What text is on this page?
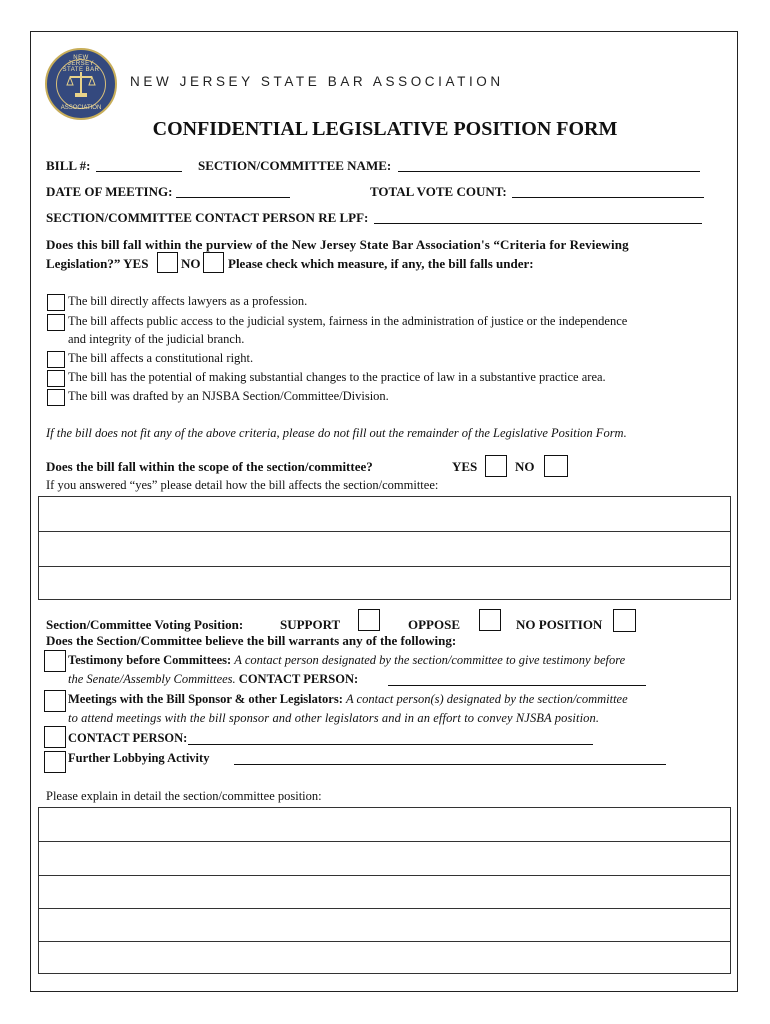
NEW JERSEY STATE BAR
ASSOCIATION
NEW JERSEY STATE BAR ASSOCIATION
CONFIDENTIAL LEGISLATIVE POSITION FORM
BILL #:	SECTION/COMMITTEE NAME:
DATE OF MEETING:	TOTAL VOTE COUNT:
SECTION/COMMITTEE CONTACT PERSON RE LPF:
Does this bill fall within the purview of the New Jersey State Bar Association's “Criteria for Reviewing
Legislation?” YES	NO Please check which measure, if any, the bill falls under:
The bill directly affects lawyers as a profession.
The bill affects public access to the judicial system, fairness in the administration of justice or the independence
and integrity of the judicial branch.
The bill affects a constitutional right.
The bill has the potential of making substantial changes to the practice of law in a substantive practice area.
The bill was drafted by an NJSBA Section/Committee/Division.
If the bill does not fit any of the above criteria, please do not fill out the remainder of the Legislative Position Form.
Does the bill fall within the scope of the section/committee?	YES	NO
If you answered “yes” please detail how the bill affects the section/committee:
Section/Committee Voting Position:	SUPPORT	OPPOSE	NO POSITION
Does the Section/Committee believe the bill warrants any of the following:
Testimony before Committees: A contact person designated by the section/committee to give testimony before
the Senate/Assembly Committees. CONTACT PERSON:
Meetings with the Bill Sponsor & other Legislators: A contact person(s) designated by the section/committee
to attend meetings with the bill sponsor and other legislators and in an effort to convey NJSBA position.
CONTACT PERSON:
Further Lobbying Activity
Please explain in detail the section/committee position:
